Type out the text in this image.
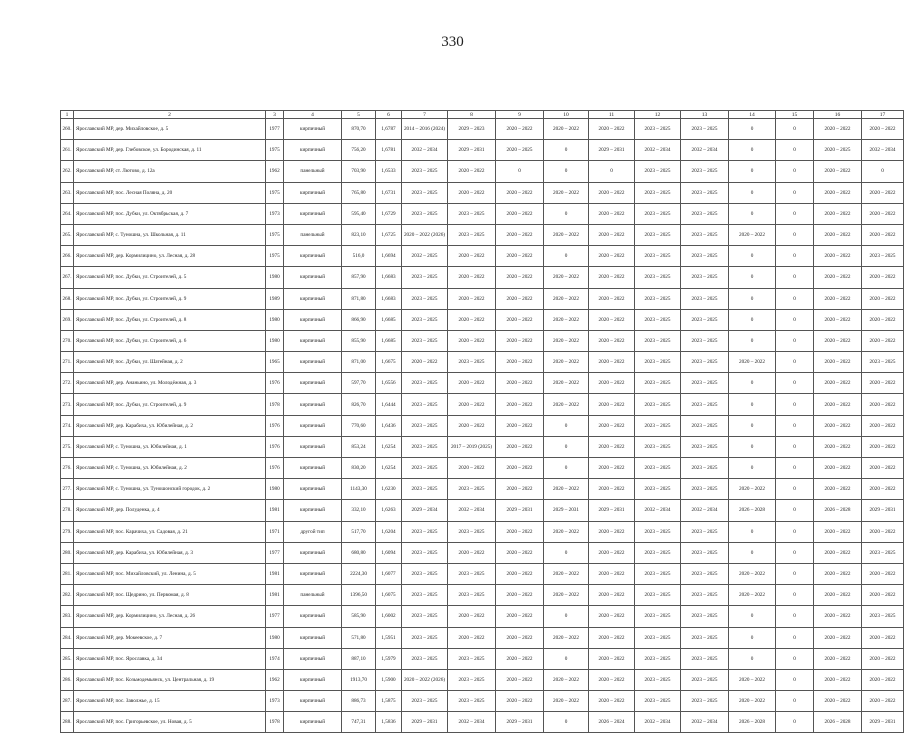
330
1	2	3	4	5	6	7	8	9	10	11	12	13	14	15	16	17
260.	Ярославский МР, дер. Михайловское, д. 5	1977	кирпичный	870,70	1,6787	2014 – 2016 (2024)	2029 – 2023	2020 – 2022	2020 – 2022	2020 – 2022	2023 – 2025	2023 – 2025	0	0	2020 – 2022	2020 – 2022
261.	Ярославский МР, дер. Глебовское, ул. Бородинская, д. 11	1975	кирпичный	756,20	1,6781	2032 – 2034	2029 – 2031	2020 – 2025	0	2029 – 2031	2032 – 2034	2032 – 2034	0	0	2020 – 2025	2032 – 2034
262.	Ярославский МР, ст. Лютово, д. 12а	1962	панельный	703,90	1,6533	2023 – 2025	2020 – 2022	0	0	0	2023 – 2025	2023 – 2025	0	0	2020 – 2022	0
263.	Ярославский МР, пос. Лесная Поляна, д. 20	1975	кирпичный	765,80	1,6731	2023 – 2025	2020 – 2022	2020 – 2022	2020 – 2022	2020 – 2022	2023 – 2025	2023 – 2025	0	0	2020 – 2022	2020 – 2022
264.	Ярославский МР, пос. Дубки, ул. Октябрьская, д. 7	1973	кирпичный	595,40	1,6729	2023 – 2025	2023 – 2025	2020 – 2022	0	2020 – 2022	2023 – 2025	2023 – 2025	0	0	2020 – 2022	2020 – 2022
265.	Ярославский МР, с. Туношна, ул. Школьная, д. 11	1975	панельный	823,10	1,6725	2020 – 2022 (2026)	2023 – 2025	2020 – 2022	2020 – 2022	2020 – 2022	2023 – 2025	2023 – 2025	2020 – 2022	0	2020 – 2022	2020 – 2022
266.	Ярославский МР, дер. Кормилицино, ул. Лесная, д. 28	1975	кирпичный	516,0	1,6694	2032 – 2025	2020 – 2022	2020 – 2022	0	2020 – 2022	2023 – 2025	2023 – 2025	0	0	2020 – 2022	2023 – 2025
267.	Ярославский МР, пос. Дубки, ул. Строителей, д. 5	1980	кирпичный	857,90	1,6683	2023 – 2025	2020 – 2022	2020 – 2022	2020 – 2022	2020 – 2022	2023 – 2025	2023 – 2025	0	0	2020 – 2022	2020 – 2022
268.	Ярославский МР, пос. Дубки, ул. Строителей, д. 9	1989	кирпичный	871,80	1,6683	2023 – 2025	2020 – 2022	2020 – 2022	2020 – 2022	2020 – 2022	2023 – 2025	2023 – 2025	0	0	2020 – 2022	2020 – 2022
269.	Ярославский МР, пос. Дубки, ул. Строителей, д. 8	1980	кирпичный	866,90	1,6685	2023 – 2025	2020 – 2022	2020 – 2022	2020 – 2022	2020 – 2022	2023 – 2025	2023 – 2025	0	0	2020 – 2022	2020 – 2022
270.	Ярославский МР, пос. Дубки, ул. Строителей, д. 6	1980	кирпичный	855,90	1,6685	2023 – 2025	2020 – 2022	2020 – 2022	2020 – 2022	2020 – 2022	2023 – 2025	2023 – 2025	0	0	2020 – 2022	2020 – 2022
271.	Ярославский МР, пос. Дубки, ул. Шатейная, д. 2	1965	кирпичный	871,00	1,6675	2020 – 2022	2023 – 2025	2020 – 2022	2020 – 2022	2020 – 2022	2023 – 2025	2023 – 2025	2020 – 2022	0	2020 – 2022	2023 – 2025
272.	Ярославский МР, дер. Ананьино, ул. Молодёжная, д. 3	1976	кирпичный	597,70	1,6556	2023 – 2025	2020 – 2022	2020 – 2022	2020 – 2022	2020 – 2022	2023 – 2025	2023 – 2025	0	0	2020 – 2022	2020 – 2022
273.	Ярославский МР, пос. Дубки, ул. Строителей, д. 9	1978	кирпичный	826,70	1,6444	2023 – 2025	2020 – 2022	2020 – 2022	2020 – 2022	2020 – 2022	2023 – 2025	2023 – 2025	0	0	2020 – 2022	2020 – 2022
274.	Ярославский МР, дер. Карабиха, ул. Юбилейная, д. 2	1976	кирпичный	770,60	1,6436	2023 – 2025	2020 – 2022	2020 – 2022	0	2020 – 2022	2023 – 2025	2023 – 2025	0	0	2020 – 2022	2020 – 2022
275.	Ярославский МР, с. Туношна, ул. Юбилейная, д. 1	1976	кирпичный	853,24	1,6254	2023 – 2025	2017 – 2019 (2025)	2020 – 2022	0	2020 – 2022	2023 – 2025	2023 – 2025	0	0	2020 – 2022	2020 – 2022
276.	Ярославский МР, с. Туношна, ул. Юбилейная, д. 2	1976	кирпичный	830,20	1,6254	2023 – 2025	2020 – 2022	2020 – 2022	0	2020 – 2022	2023 – 2025	2023 – 2025	0	0	2020 – 2022	2020 – 2022
277.	Ярославский МР, с. Туношна, ул. Туношонский городок, д. 2	1980	кирпичный	1143,30	1,6230	2023 – 2025	2023 – 2025	2020 – 2022	2020 – 2022	2020 – 2022	2023 – 2025	2023 – 2025	2020 – 2022	0	2020 – 2022	2020 – 2022
278.	Ярославский МР, дер. Полуденка, д. 4	1981	кирпичный	332,10	1,6263	2029 – 2034	2032 – 2034	2029 – 2031	2029 – 2031	2029 – 2031	2032 – 2034	2032 – 2034	2026 – 2028	0	2026 – 2028	2029 – 2031
279.	Ярославский МР, пос. Карачиха, ул. Садовая, д. 21	1971	другой тип	517,70	1,6204	2023 – 2025	2023 – 2025	2020 – 2022	2020 – 2022	2020 – 2022	2023 – 2025	2023 – 2025	0	0	2020 – 2022	2020 – 2022
280.	Ярославский МР, дер. Карабиха, ул. Юбилейная, д. 3	1977	кирпичный	680,80	1,6094	2023 – 2025	2020 – 2022	2020 – 2022	0	2020 – 2022	2023 – 2025	2023 – 2025	0	0	2020 – 2022	2023 – 2025
281.	Ярославский МР, пос. Михайловский, ул. Ленина, д. 5	1981	кирпичный	2224,30	1,6077	2023 – 2025	2023 – 2025	2020 – 2022	2020 – 2022	2020 – 2022	2023 – 2025	2023 – 2025	2020 – 2022	0	2020 – 2022	2020 – 2022
282.	Ярославский МР, пос. Щедрино, ул. Первомая, д. 8	1981	панельный	1396,50	1,6075	2023 – 2025	2023 – 2025	2020 – 2022	2020 – 2022	2020 – 2022	2023 – 2025	2023 – 2025	2020 – 2022	0	2020 – 2022	2020 – 2022
283.	Ярославский МР, дер. Кормилицино, ул. Лесная, д. 26	1977	кирпичный	585,90	1,6002	2023 – 2025	2020 – 2022	2020 – 2022	0	2020 – 2022	2023 – 2025	2023 – 2025	0	0	2020 – 2022	2023 – 2025
284.	Ярославский МР, дер. Мокеевское, д. 7	1980	кирпичный	571,80	1,5951	2023 – 2025	2020 – 2022	2020 – 2022	2020 – 2022	2020 – 2022	2023 – 2025	2023 – 2025	0	0	2020 – 2022	2020 – 2022
285.	Ярославский МР, пос. Ярославка, д. 34	1974	кирпичный	887,10	1,5979	2023 – 2025	2023 – 2025	2020 – 2022	0	2020 – 2022	2023 – 2025	2023 – 2025	0	0	2020 – 2022	2020 – 2022
286.	Ярославский МР, пос. Козьмодемьянск, ул. Центральная, д. 19	1962	кирпичный	1913,70	1,5900	2020 – 2022 (2026)	2023 – 2025	2020 – 2022	2020 – 2022	2020 – 2022	2023 – 2025	2023 – 2025	2020 – 2022	0	2020 – 2022	2020 – 2022
287.	Ярославский МР, пос. Заволжье, д. 15	1973	кирпичный	886,73	1,5875	2023 – 2025	2023 – 2025	2020 – 2022	2020 – 2022	2020 – 2022	2023 – 2025	2023 – 2025	2020 – 2022	0	2020 – 2022	2020 – 2022
288.	Ярославский МР, пос. Григорьевское, ул. Новая, д. 5	1978	кирпичный	747,31	1,5836	2029 – 2031	2032 – 2034	2029 – 2031	0	2026 – 2024	2032 – 2034	2032 – 2034	2026 – 2028	0	2026 – 2028	2029 – 2031
